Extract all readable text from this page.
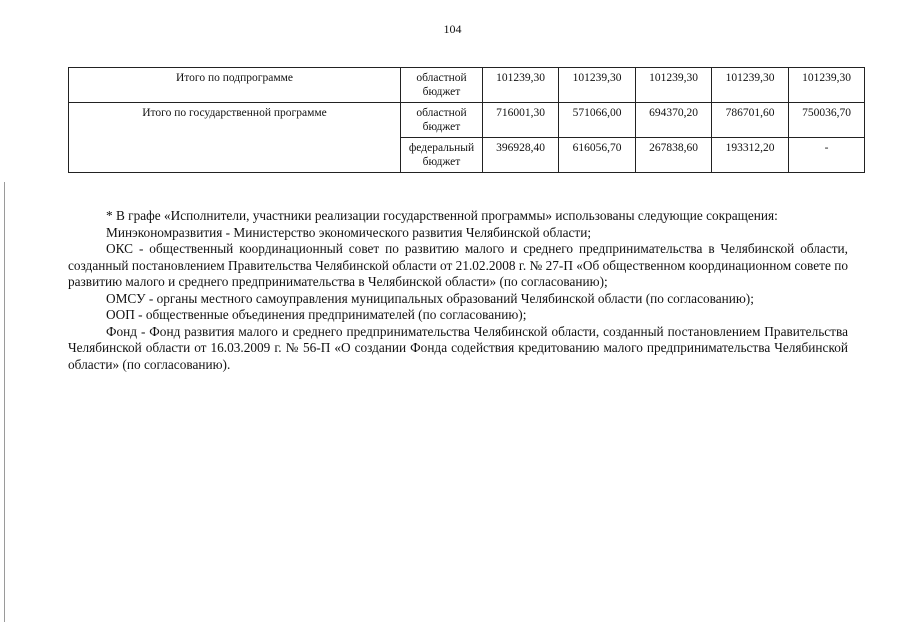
104
Итого по подпрограмме	областной бюджет	101239,30	101239,30	101239,30	101239,30	101239,30
Итого по государственной программе	областной бюджет	716001,30	571066,00	694370,20	786701,60	750036,70
	федеральный бюджет	396928,40	616056,70	267838,60	193312,20	-

* В графе «Исполнители, участники реализации государственной программы» использованы следующие сокращения:

Минэкономразвития - Министерство экономического развития Челябинской области;

ОКС - общественный координационный совет по развитию малого и среднего предпринимательства в Челябинской области, созданный постановлением Правительства Челябинской области от 21.02.2008 г. № 27-П «Об общественном координационном совете по развитию малого и среднего предпринимательства в Челябинской области» (по согласованию);

ОМСУ - органы местного самоуправления муниципальных образований Челябинской области (по согласованию);

ООП - общественные объединения предпринимателей (по согласованию);

Фонд - Фонд развития малого и среднего предпринимательства Челябинской области, созданный постановлением Правительства Челябинской области от 16.03.2009 г. № 56-П «О создании Фонда содействия кредитованию малого предпринимательства Челябинской области» (по согласованию).
